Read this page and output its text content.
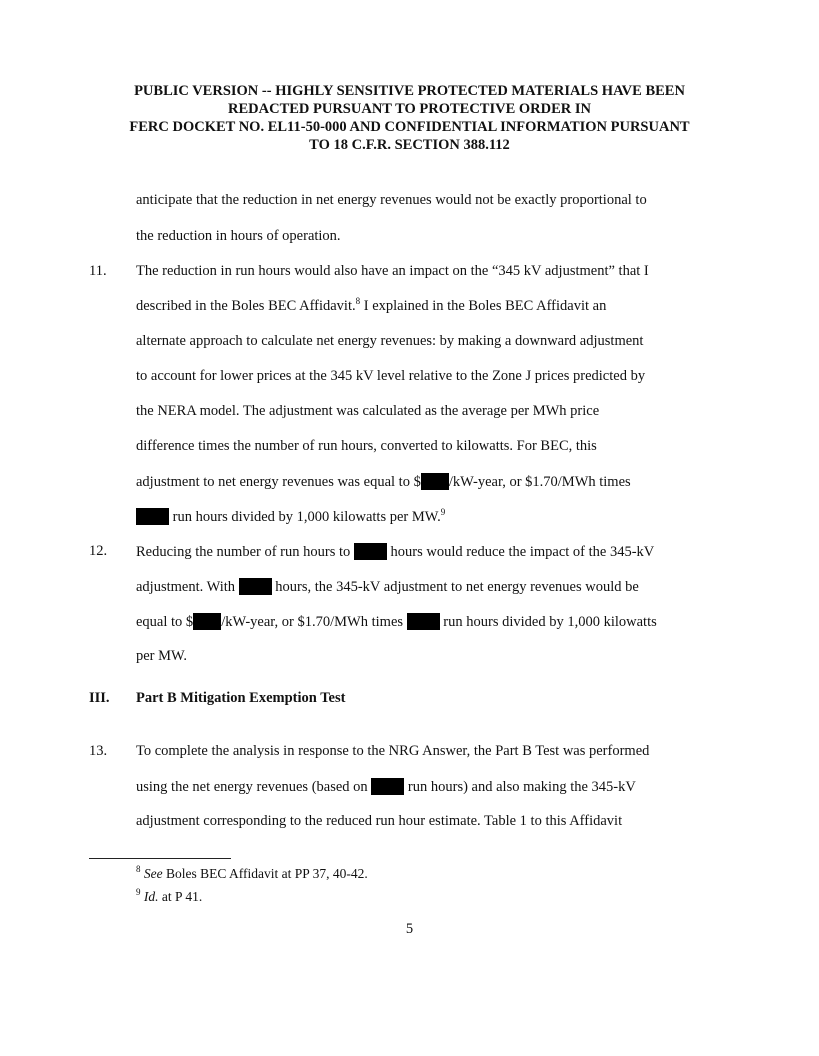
PUBLIC VERSION -- HIGHLY SENSITIVE PROTECTED MATERIALS HAVE BEEN
REDACTED PURSUANT TO PROTECTIVE ORDER IN
FERC DOCKET NO. EL11-50-000 AND CONFIDENTIAL INFORMATION PURSUANT
TO 18 C.F.R. SECTION 388.112
anticipate that the reduction in net energy revenues would not be exactly proportional to
the reduction in hours of operation.
11. The reduction in run hours would also have an impact on the “345 kV adjustment” that I
described in the Boles BEC Affidavit.$^8$ I explained in the Boles BEC Affidavit an
alternate approach to calculate net energy revenues: by making a downward adjustment
to account for lower prices at the 345 kV level relative to the Zone J prices predicted by
the NERA model. The adjustment was calculated as the average per MWh price
difference times the number of run hours, converted to kilowatts. For BEC, this
adjustment to net energy revenues was equal to $ /kW-year, or $1.70/MWh times
run hours divided by 1,000 kilowatts per MW.$^9$
12. Reducing the number of run hours to  hours would reduce the impact of the 345-kV
adjustment. With  hours, the 345-kV adjustment to net energy revenues would be
equal to $ /kW-year, or $1.70/MWh times  run hours divided by 1,000 kilowatts
per MW.
III. Part B Mitigation Exemption Test
13. To complete the analysis in response to the NRG Answer, the Part B Test was performed
using the net energy revenues (based on  run hours) and also making the 345-kV
adjustment corresponding to the reduced run hour estimate. Table 1 to this Affidavit
$^8$ See Boles BEC Affidavit at PP 37, 40-42.
$^9$ Id. at P 41.
5
